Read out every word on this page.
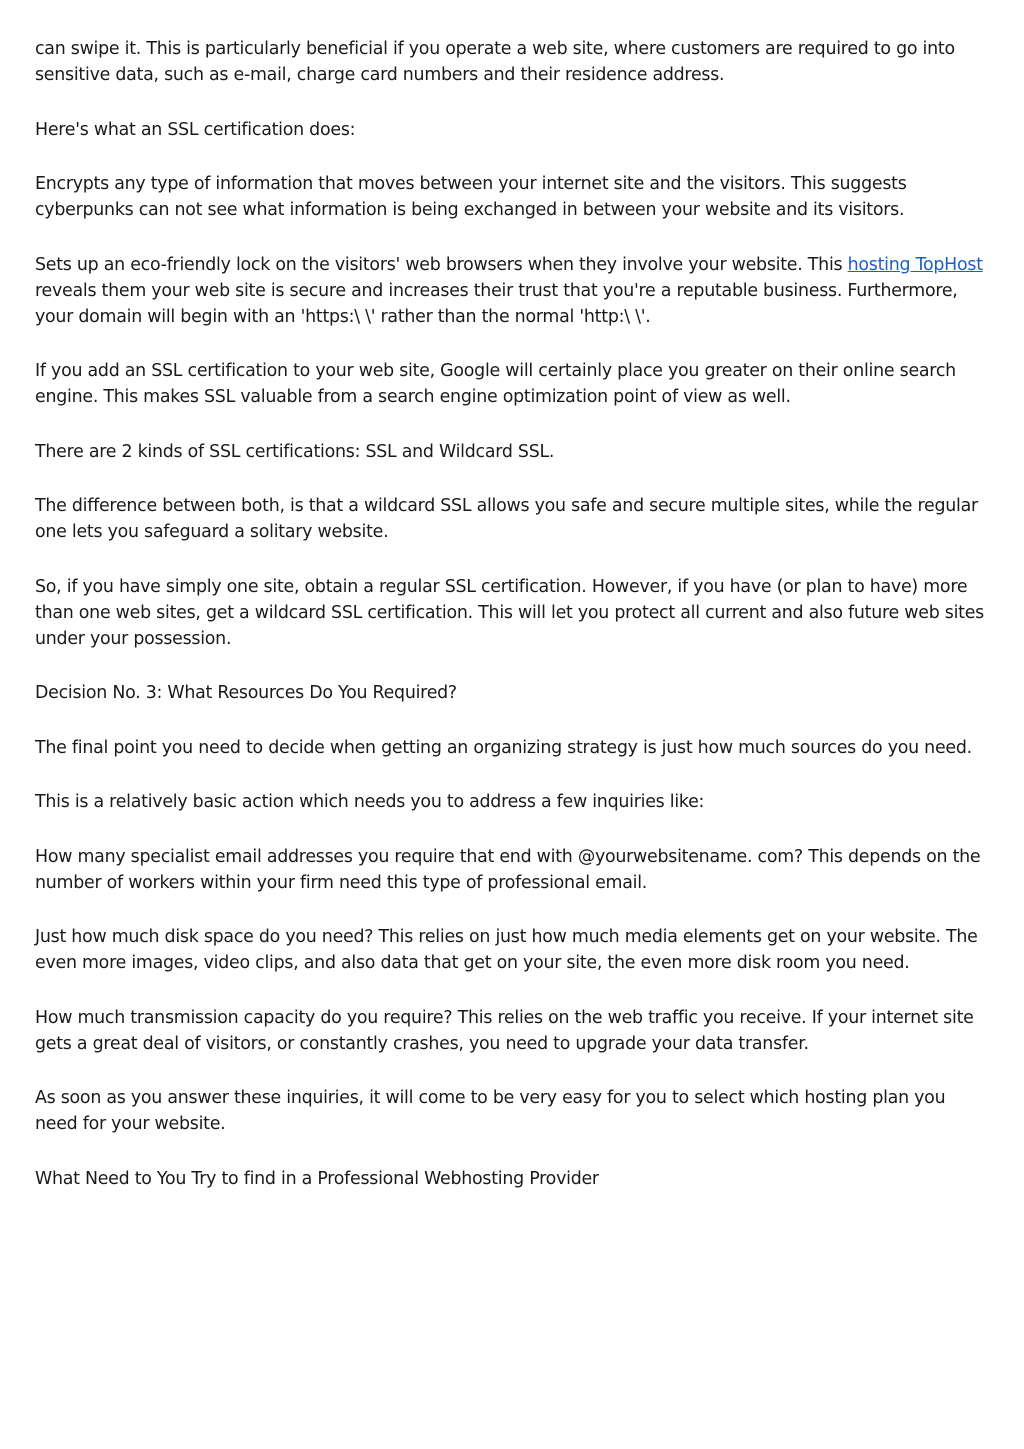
can swipe it. This is particularly beneficial if you operate a web site, where customers are required to go into sensitive data, such as e-mail, charge card numbers and their residence address.

Here's what an SSL certification does:

Encrypts any type of information that moves between your internet site and the visitors. This suggests cyberpunks can not see what information is being exchanged in between your website and its visitors.

Sets up an eco-friendly lock on the visitors' web browsers when they involve your website. This hosting TopHost reveals them your web site is secure and increases their trust that you're a reputable business. Furthermore, your domain will begin with an 'https:\ \' rather than the normal 'http:\ \'.

If you add an SSL certification to your web site, Google will certainly place you greater on their online search engine. This makes SSL valuable from a search engine optimization point of view as well.

There are 2 kinds of SSL certifications: SSL and Wildcard SSL.

The difference between both, is that a wildcard SSL allows you safe and secure multiple sites, while the regular one lets you safeguard a solitary website.

So, if you have simply one site, obtain a regular SSL certification. However, if you have (or plan to have) more than one web sites, get a wildcard SSL certification. This will let you protect all current and also future web sites under your possession.

Decision No. 3: What Resources Do You Required?

The final point you need to decide when getting an organizing strategy is just how much sources do you need.

This is a relatively basic action which needs you to address a few inquiries like:

How many specialist email addresses you require that end with @yourwebsitename. com? This depends on the number of workers within your firm need this type of professional email.

Just how much disk space do you need? This relies on just how much media elements get on your website. The even more images, video clips, and also data that get on your site, the even more disk room you need.

How much transmission capacity do you require? This relies on the web traffic you receive. If your internet site gets a great deal of visitors, or constantly crashes, you need to upgrade your data transfer.

As soon as you answer these inquiries, it will come to be very easy for you to select which hosting plan you need for your website.

What Need to You Try to find in a Professional Webhosting Provider
